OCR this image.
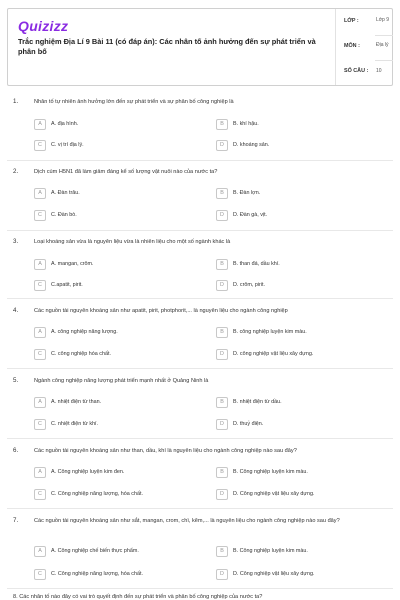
Quizizz
Trắc nghiệm Địa Lí 9 Bài 11 (có đáp án): Các nhân tố ảnh hưởng đến sự phát triển và phân bố
LỚP :	Lớp 9
MÔN :	Địa lý
SỐ CÂU : 10
1.	Nhân tố tự nhiên ảnh hưởng lớn đến sự phát triển và sự phân bố công nghiệp là
A	A. địa hình.	B	B. khí hậu.
C	C. vị trí địa lý.	D	D. khoáng sản.
2.	Dịch cúm H5N1 đã làm giảm đáng kể số lượng vật nuôi nào của nước ta?
A	A. Đàn trâu.	B	B. Đàn lợn.
C	C. Đàn bò.	D	D. Đàn gà, vịt.
3.	Loại khoáng sản vừa là nguyên liệu vừa là nhiên liệu cho một số ngành khác là
A	A. mangan, crôm.	B	B. than đá, dầu khí.
C	C.apatit, pirit.	D	D. crôm, pirit.
4.	Các nguồn tài nguyên khoáng sản như apatit, pirit, photphorit,... là nguyên liệu cho ngành công nghiệp
A	A. công nghiệp năng lượng.	B	B. công nghiệp luyện kim màu.
C	C. công nghiệp hóa chất.	D	D. công nghiệp vật liệu xây dựng.
5.	Ngành công nghiệp năng lượng phát triển mạnh nhất ở Quảng Ninh là
A	A. nhiệt điện từ than.	B	B. nhiệt điện từ dầu.
C	C. nhiệt điện từ khí.	D	D. thuỷ điện.
6.	Các nguồn tài nguyên khoáng sản như than, dầu, khí là nguyên liệu cho ngành công nghiệp nào sau đây?
A	A. Công nghiệp luyện kim đen.	B	B. Công nghiệp luyện kim màu.
C	C. Công nghiệp năng lượng, hóa chất.	D	D. Công nghiệp vật liệu xây dựng.
7.	Các nguồn tài nguyên khoáng sản như sắt, mangan, crom, chì, kẽm,... là nguyên liệu cho ngành công nghiệp nào sau đây?
A	A. Công nghiệp chế biến thực phẩm.	B	B. Công nghiệp luyện kim màu.
C	C. Công nghiệp năng lượng, hóa chất.	D	D. Công nghiệp vật liệu xây dựng.
8. Các nhân tố nào đây có vai trò quyết định đến sự phát triển và phân bố công nghiệp của nước ta?
